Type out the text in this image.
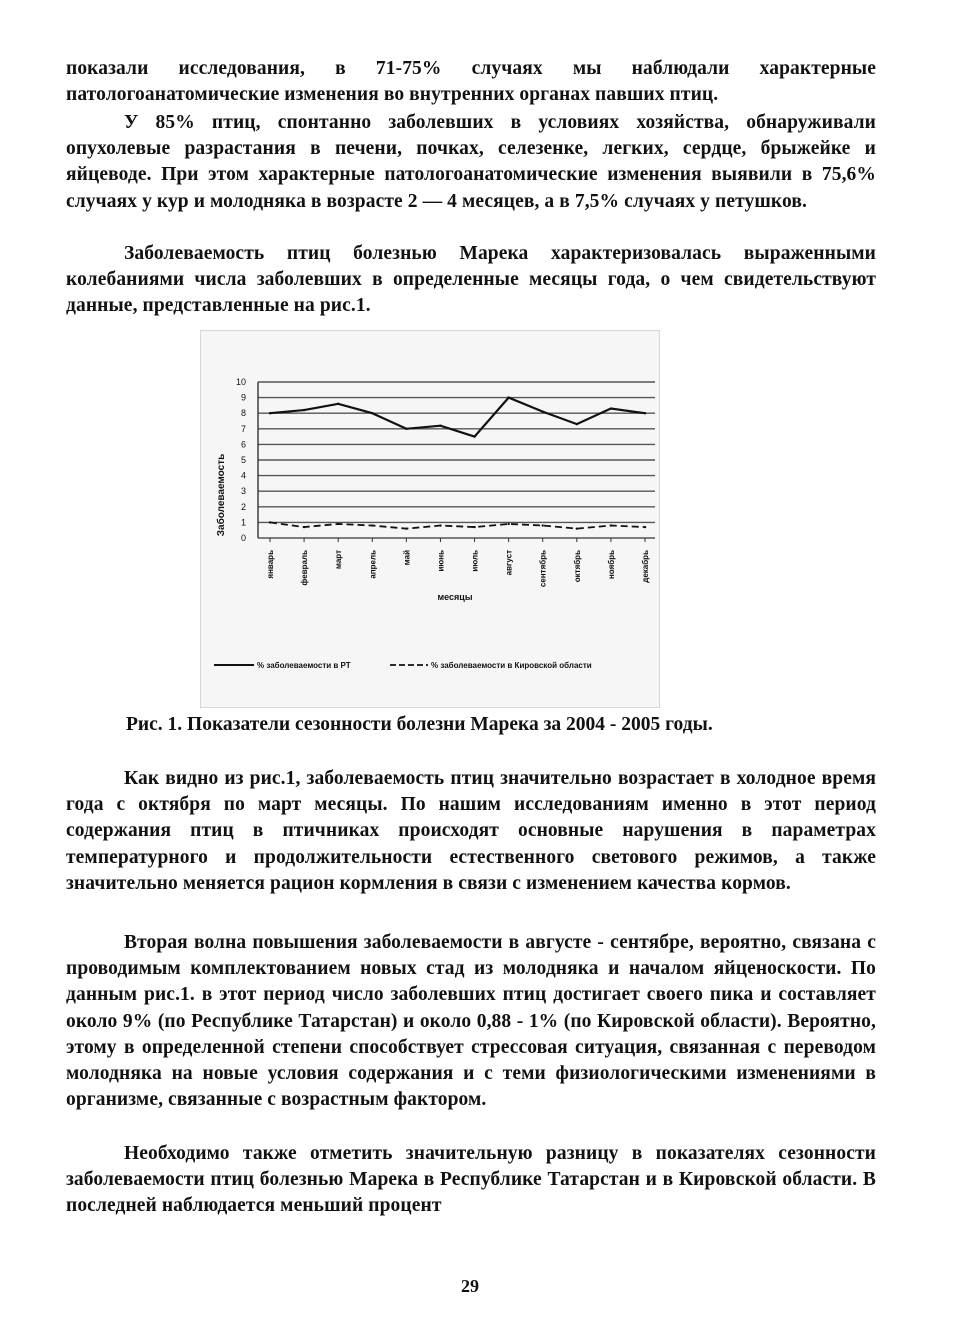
показали исследования, в 71-75% случаях мы наблюдали характерные патологоанатомические изменения во внутренних органах павших птиц.

У 85% птиц, спонтанно заболевших в условиях хозяйства, обнаруживали опухолевые разрастания в печени, почках, селезенке, легких, сердце, брыжейке и яйцеводе. При этом характерные патологоанатомические изменения выявили в 75,6% случаях у кур и молодняка в возрасте 2 — 4 месяцев, а в 7,5% случаях у петушков.

Заболеваемость птиц болезнью Марека характеризовалась выраженными колебаниями числа заболевших в определенные месяцы года, о чем свидетельствуют данные, представленные на рис.1.

Заболеваемость
месяцы
0
1
2
3
4
5
6
7
8
9
10
январь	февраль	март	апрель	май	июнь	июль	август	сентябрь	октябрь	ноябрь	декабрь
% заболеваемости в РТ	% заболеваемости в Кировской области

Рис. 1. Показатели сезонности болезни Марека за 2004 - 2005 годы.

Как видно из рис.1, заболеваемость птиц значительно возрастает в холодное время года с октября по март месяцы. По нашим исследованиям именно в этот период содержания птиц в птичниках происходят основные нарушения в параметрах температурного и продолжительности естественного светового режимов, а также значительно меняется рацион кормления в связи с изменением качества кормов.

Вторая волна повышения заболеваемости в августе - сентябре, вероятно, связана с проводимым комплектованием новых стад из молодняка и началом яйценоскости. По данным рис.1. в этот период число заболевших птиц достигает своего пика и составляет около 9% (по Республике Татарстан) и около 0,88 - 1% (по Кировской области). Вероятно, этому в определенной степени способствует стрессовая ситуация, связанная с переводом молодняка на новые условия содержания и с теми физиологическими изменениями в организме, связанные с возрастным фактором.

Необходимо также отметить значительную разницу в показателях сезонности заболеваемости птиц болезнью Марека в Республике Татарстан и в Кировской области. В последней наблюдается меньший процент

29
